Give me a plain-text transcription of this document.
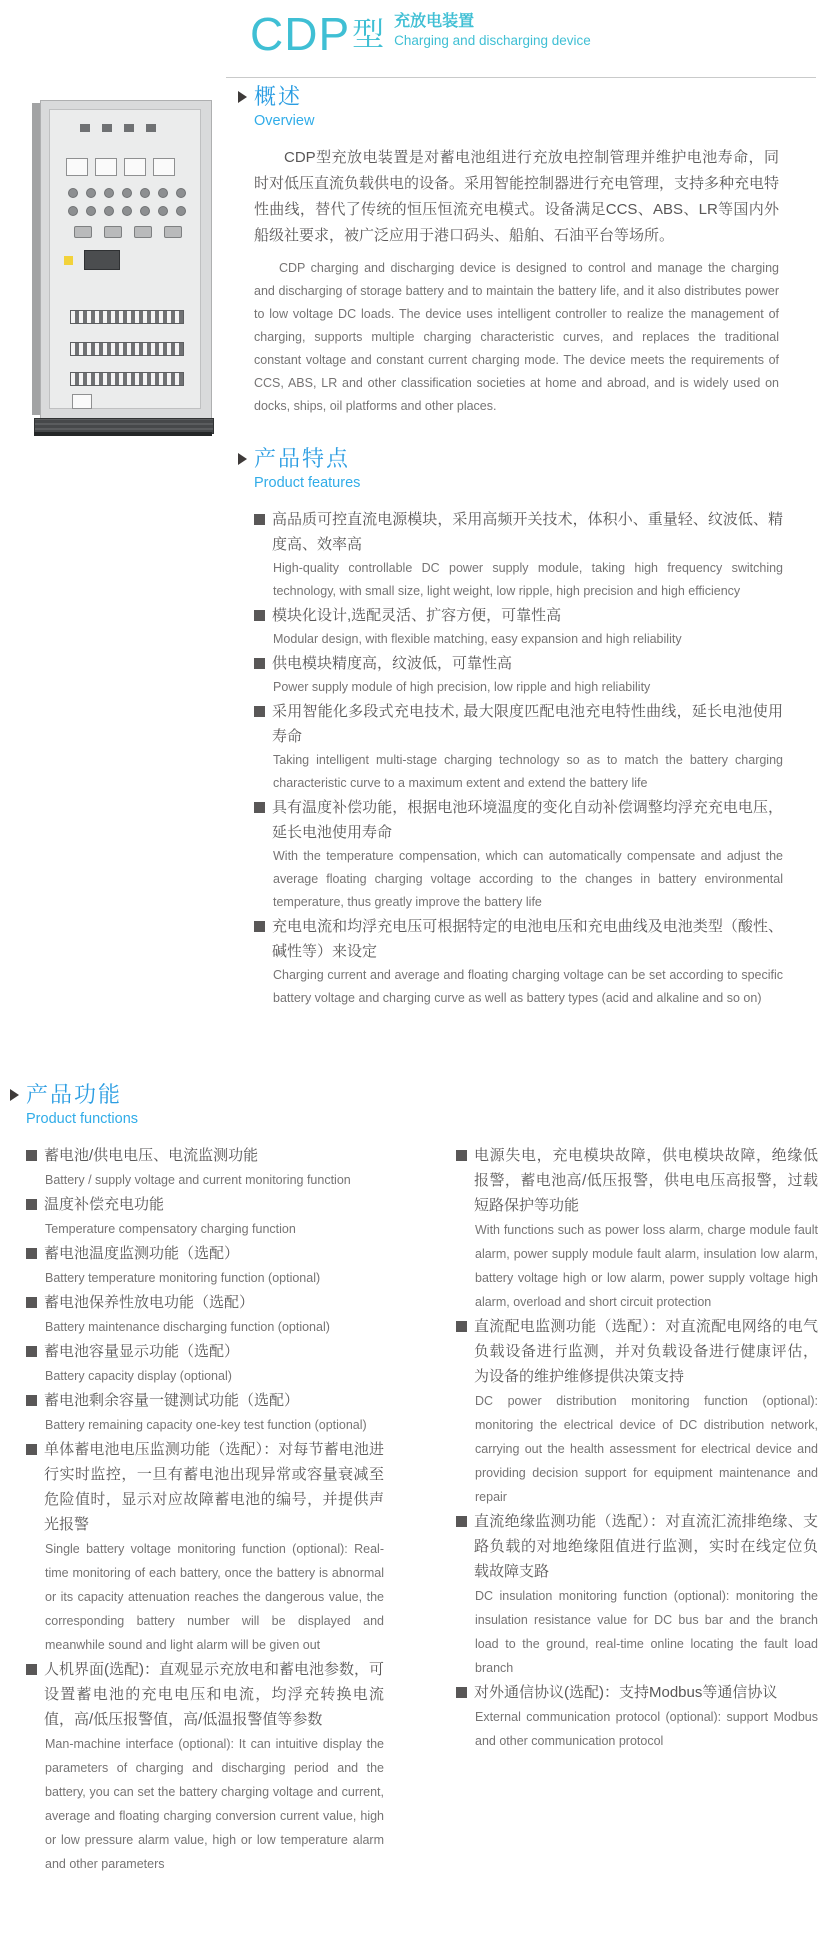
CDP 型 充放电装置
Charging and discharging device
概述
Overview
CDP型充放电装置是对蓄电池组进行充放电控制管理并维护电池寿命，同时对低压直流负载供电的设备。采用智能控制器进行充电管理，支持多种充电特性曲线，替代了传统的恒压恒流充电模式。设备满足CCS、ABS、LR等国内外船级社要求，被广泛应用于港口码头、船舶、石油平台等场所。
CDP charging and discharging device is designed to control and manage the charging and discharging of storage battery and to maintain the battery life, and it also distributes power to low voltage DC loads. The device uses intelligent controller to realize the management of charging, supports multiple charging characteristic curves, and replaces the traditional constant voltage and constant current charging mode. The device meets the requirements of CCS, ABS, LR and other classification societies at home and abroad, and is widely used on docks, ships, oil platforms and other places.
产品特点
Product features
高品质可控直流电源模块，采用高频开关技术，体积小、重量轻、纹波低、精度高、效率高
High-quality controllable DC power supply module, taking high frequency switching technology, with small size, light weight, low ripple, high precision and high efficiency
模块化设计,选配灵活、扩容方便，可靠性高
Modular design, with flexible matching, easy expansion and high reliability
供电模块精度高，纹波低，可靠性高
Power supply module of high precision, low ripple and high reliability
采用智能化多段式充电技术, 最大限度匹配电池充电特性曲线，延长电池使用寿命
Taking intelligent multi-stage charging technology so as to match the battery charging characteristic curve to a maximum extent and extend the battery life
具有温度补偿功能，根据电池环境温度的变化自动补偿调整均浮充充电电压，延长电池使用寿命
With the temperature compensation, which can automatically compensate and adjust the average floating charging voltage according to the changes in battery environmental temperature, thus greatly improve the battery life
充电电流和均浮充电压可根据特定的电池电压和充电曲线及电池类型（酸性、碱性等）来设定
Charging current and average and floating charging voltage can be set according to specific battery voltage and charging curve as well as battery types (acid and alkaline and so on)
产品功能
Product functions
蓄电池/供电电压、电流监测功能
Battery / supply voltage and current monitoring function
温度补偿充电功能
Temperature compensatory charging function
蓄电池温度监测功能（选配）
Battery temperature monitoring function (optional)
蓄电池保养性放电功能（选配）
Battery maintenance discharging function (optional)
蓄电池容量显示功能（选配）
Battery capacity display (optional)
蓄电池剩余容量一键测试功能（选配）
Battery remaining capacity one-key test function (optional)
单体蓄电池电压监测功能（选配）：对每节蓄电池进行实时监控，一旦有蓄电池出现异常或容量衰减至危险值时，显示对应故障蓄电池的编号，并提供声光报警
Single battery voltage monitoring function (optional): Real-time monitoring of each battery, once the battery is abnormal or its capacity attenuation reaches the dangerous value, the corresponding battery number will be displayed and meanwhile sound and light alarm will be given out
人机界面(选配)：直观显示充放电和蓄电池参数，可设置蓄电池的充电电压和电流，均浮充转换电流值，高/低压报警值，高/低温报警值等参数
Man-machine interface (optional): It can intuitive display the parameters of charging and discharging period and the battery, you can set the battery charging voltage and current, average and floating charging conversion current value, high or low pressure alarm value, high or low temperature alarm and other parameters
电源失电，充电模块故障，供电模块故障，绝缘低报警，蓄电池高/低压报警，供电电压高报警，过载短路保护等功能
With functions such as power loss alarm, charge module fault alarm, power supply module fault alarm, insulation low alarm, battery voltage high or low alarm, power supply voltage high alarm, overload and short circuit protection
直流配电监测功能（选配）：对直流配电网络的电气负载设备进行监测，并对负载设备进行健康评估，为设备的维护维修提供决策支持
DC power distribution monitoring function (optional): monitoring the electrical device of DC distribution network, carrying out the health assessment for electrical device and providing decision support for equipment maintenance and repair
直流绝缘监测功能（选配）：对直流汇流排绝缘、支路负载的对地绝缘阻值进行监测，实时在线定位负载故障支路
DC insulation monitoring function (optional): monitoring the insulation resistance value for DC bus bar and the branch load to the ground, real-time online locating the fault load branch
对外通信协议(选配)：支持Modbus等通信协议
External communication protocol (optional): support Modbus and other communication protocol
